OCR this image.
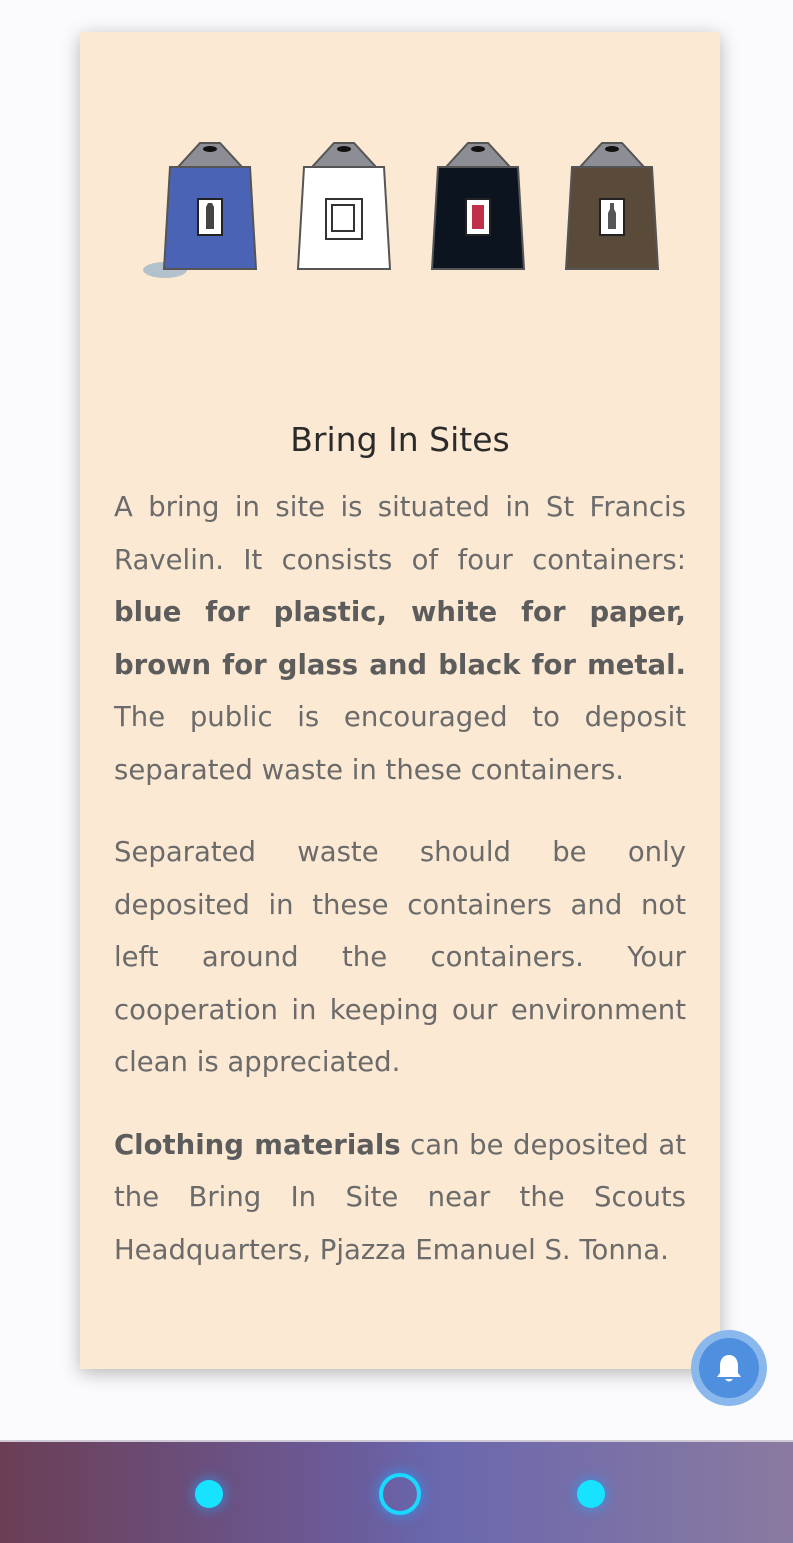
Bring In Sites

A bring in site is situated in St Francis Ravelin. It consists of four containers: blue for plastic, white for paper, brown for glass and black for metal. The public is encouraged to deposit separated waste in these containers.

Separated waste should be only deposited in these containers and not left around the containers. Your cooperation in keeping our environment clean is appreciated.

Clothing materials can be deposited at the Bring In Site near the Scouts Headquarters, Pjazza Emanuel S. Tonna.
